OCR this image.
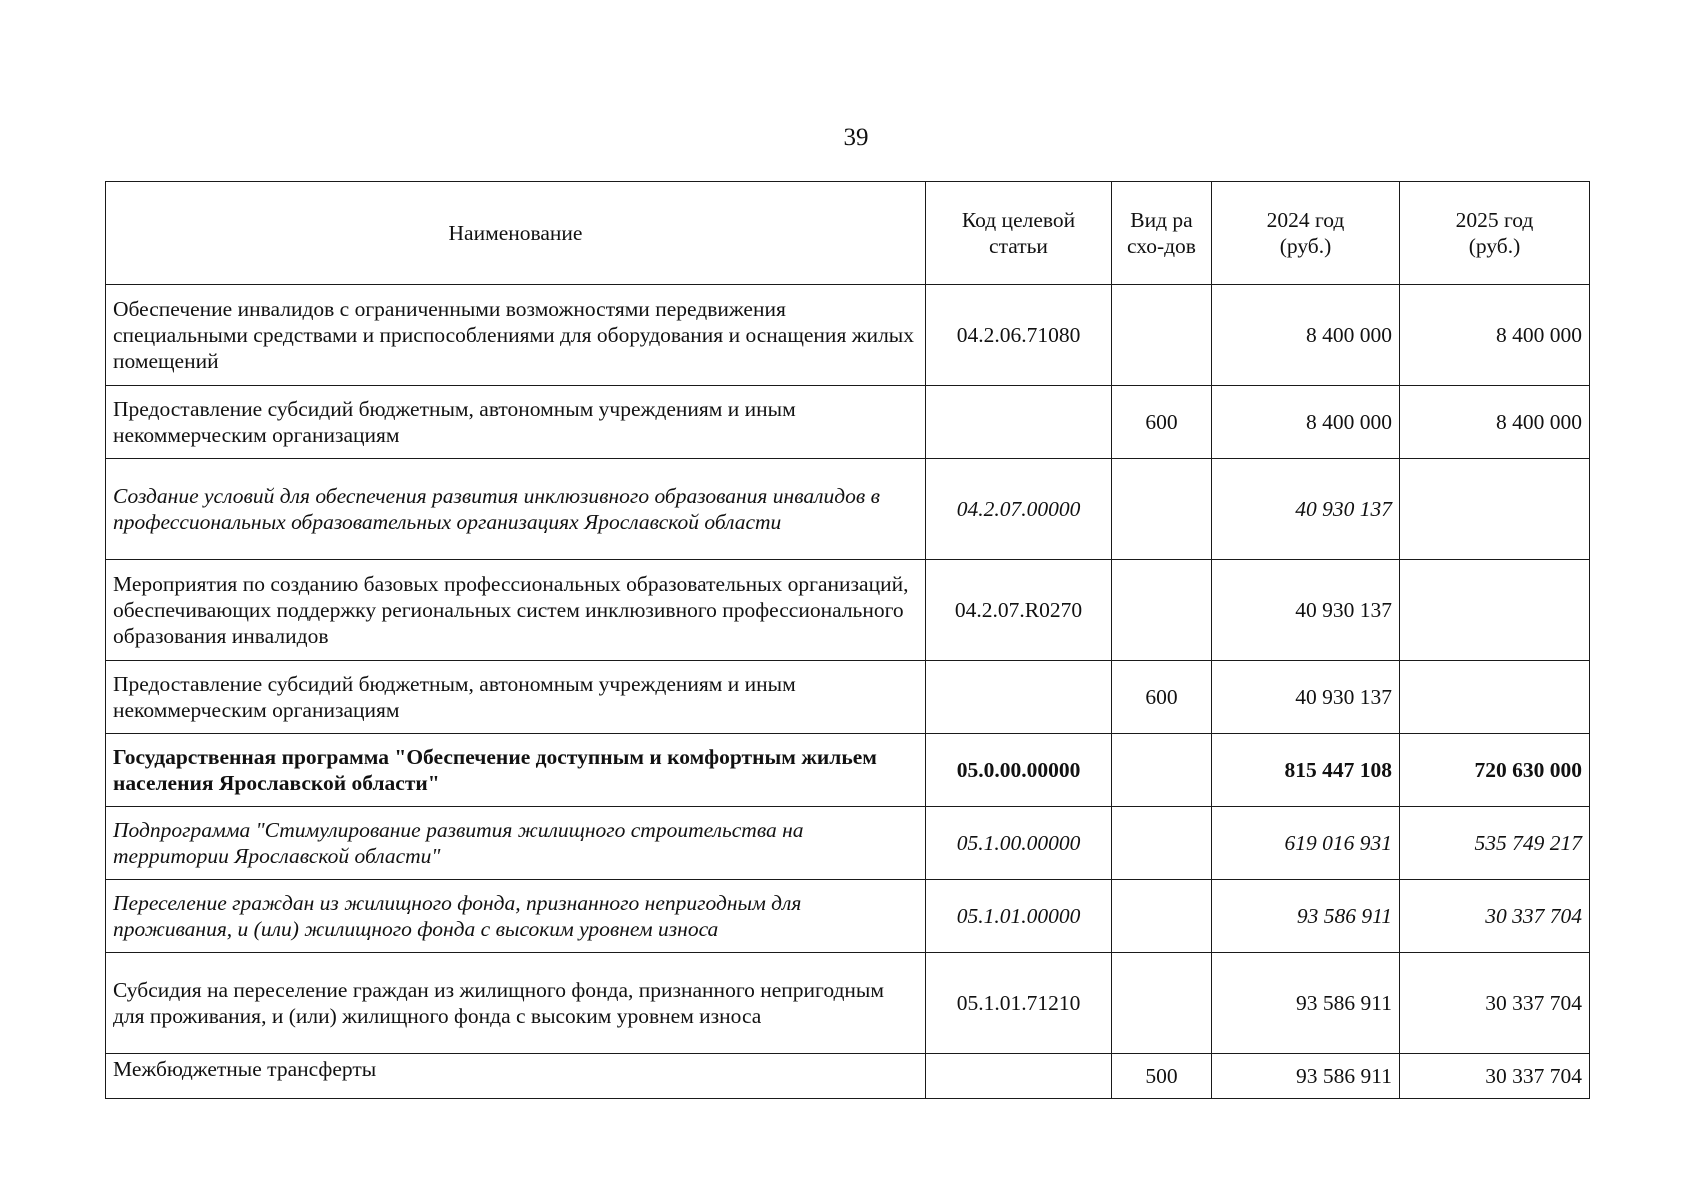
39
Наименование	Код целевой статьи	Вид расхо-дов	2024 год (руб.)	2025 год (руб.)
Обеспечение инвалидов с ограниченными возможностями передвижения специальными средствами и приспособлениями для оборудования и оснащения жилых помещений	04.2.06.71080		8 400 000	8 400 000
Предоставление субсидий бюджетным, автономным учреждениям и иным некоммерческим организациям		600	8 400 000	8 400 000
Создание условий для обеспечения развития инклюзивного образования инвалидов в профессиональных образовательных организациях Ярославской области	04.2.07.00000		40 930 137	
Мероприятия по созданию базовых профессиональных образовательных организаций, обеспечивающих поддержку региональных систем инклюзивного профессионального образования инвалидов	04.2.07.R0270		40 930 137	
Предоставление субсидий бюджетным, автономным учреждениям и иным некоммерческим организациям		600	40 930 137	
Государственная программа "Обеспечение доступным и комфортным жильем населения Ярославской области"	05.0.00.00000		815 447 108	720 630 000
Подпрограмма "Стимулирование развития жилищного строительства на территории Ярославской области"	05.1.00.00000		619 016 931	535 749 217
Переселение граждан из жилищного фонда, признанного непригодным для проживания, и (или) жилищного фонда с высоким уровнем износа	05.1.01.00000		93 586 911	30 337 704
Субсидия на переселение граждан из жилищного фонда, признанного непригодным для проживания, и (или) жилищного фонда с высоким уровнем износа	05.1.01.71210		93 586 911	30 337 704
Межбюджетные трансферты		500	93 586 911	30 337 704
